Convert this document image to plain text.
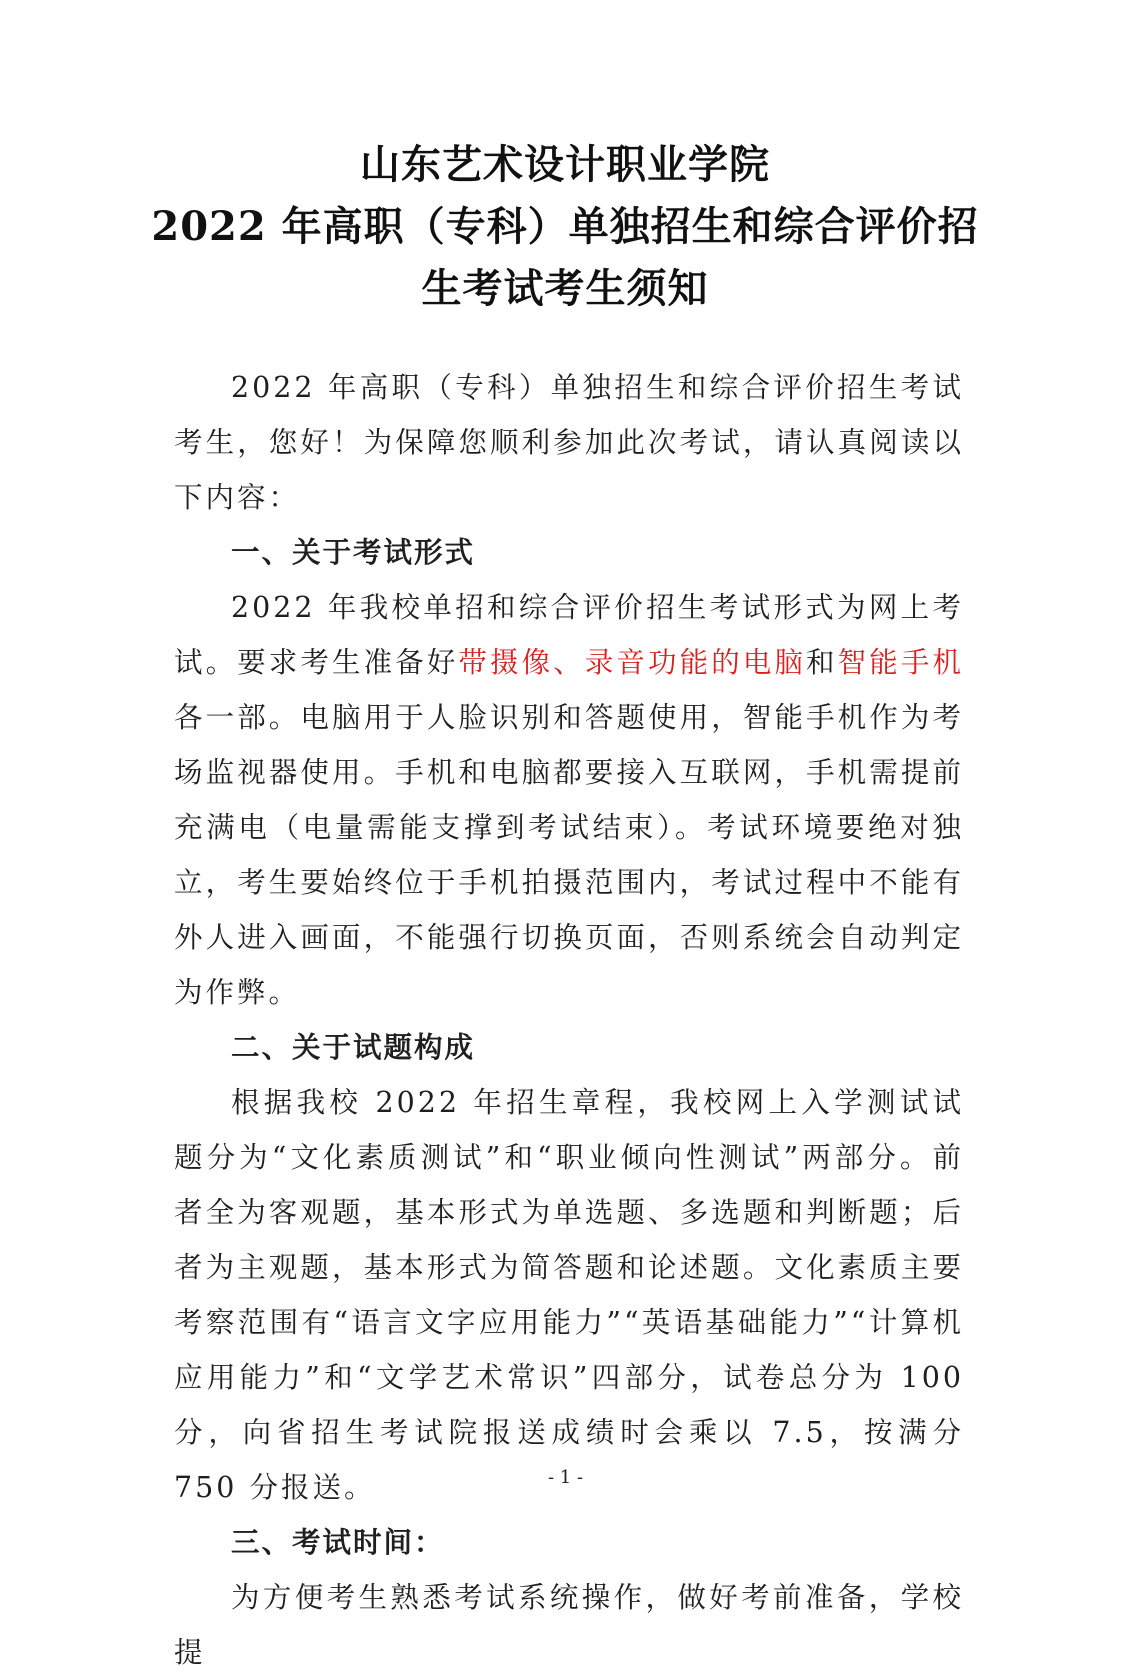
山东艺术设计职业学院
2022 年高职（专科）单独招生和综合评价招
生考试考生须知

2022 年高职（专科）单独招生和综合评价招生考试考生，您好！为保障您顺利参加此次考试，请认真阅读以下内容：

一、关于考试形式

2022 年我校单招和综合评价招生考试形式为网上考试。要求考生准备好带摄像、录音功能的电脑和智能手机各一部。电脑用于人脸识别和答题使用，智能手机作为考场监视器使用。手机和电脑都要接入互联网，手机需提前充满电（电量需能支撑到考试结束）。考试环境要绝对独立，考生要始终位于手机拍摄范围内，考试过程中不能有外人进入画面，不能强行切换页面，否则系统会自动判定为作弊。

二、关于试题构成

根据我校 2022 年招生章程，我校网上入学测试试题分为“文化素质测试”和“职业倾向性测试”两部分。前者全为客观题，基本形式为单选题、多选题和判断题；后者为主观题，基本形式为简答题和论述题。文化素质主要考察范围有“语言文字应用能力”“英语基础能力”“计算机应用能力”和“文学艺术常识”四部分，试卷总分为 100 分，向省招生考试院报送成绩时会乘以 7.5，按满分 750 分报送。

三、考试时间：

为方便考生熟悉考试系统操作，做好考前准备，学校提

- 1 -
